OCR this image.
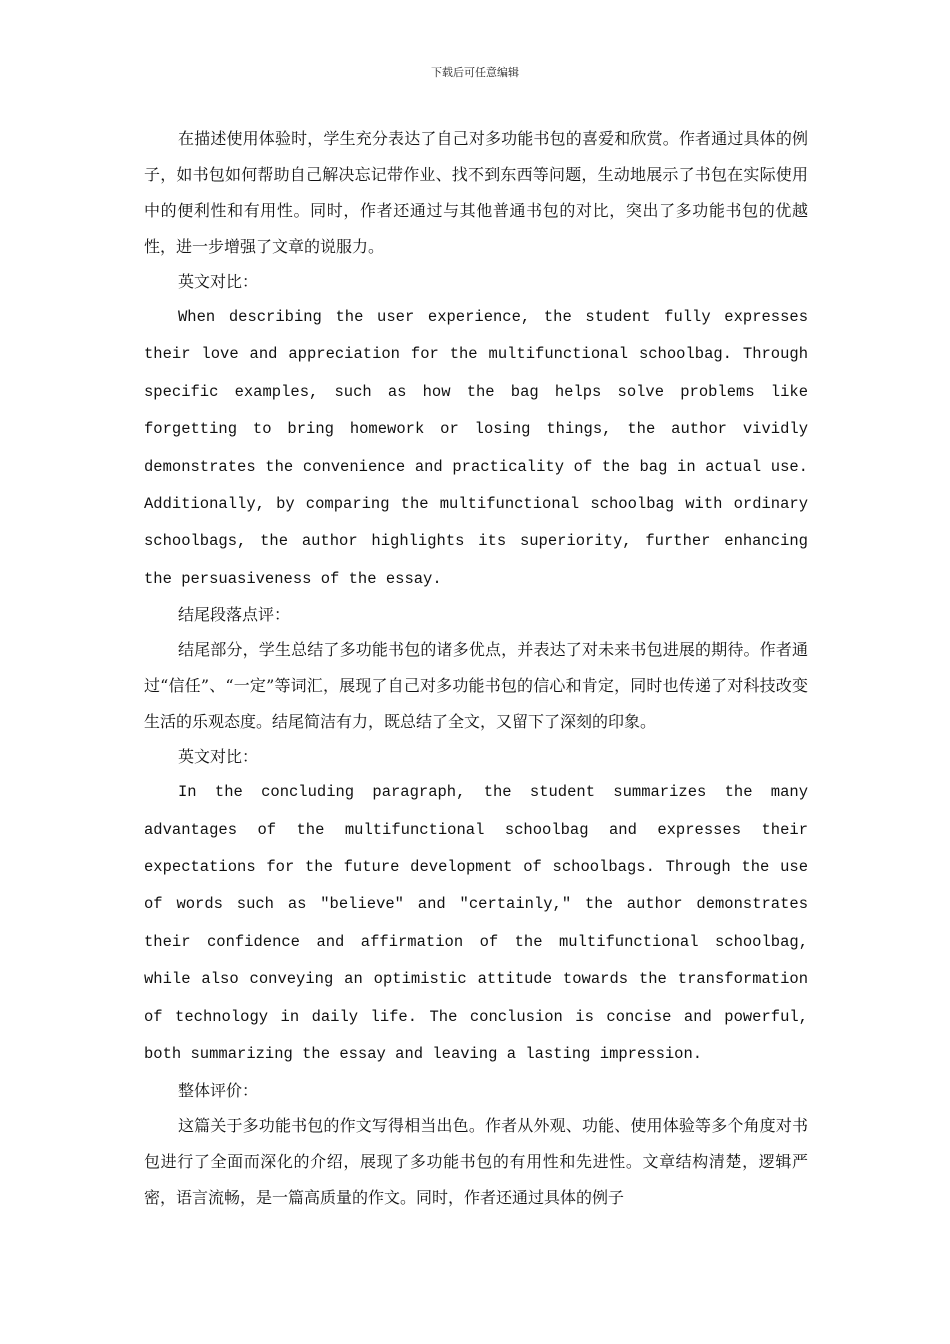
下载后可任意编辑

在描述使用体验时，学生充分表达了自己对多功能书包的喜爱和欣赏。作者通过具体的例子，如书包如何帮助自己解决忘记带作业、找不到东西等问题，生动地展示了书包在实际使用中的便利性和有用性。同时，作者还通过与其他普通书包的对比，突出了多功能书包的优越性，进一步增强了文章的说服力。

英文对比：

When describing the user experience, the student fully expresses their love and appreciation for the multifunctional schoolbag. Through specific examples, such as how the bag helps solve problems like forgetting to bring homework or losing things, the author vividly demonstrates the convenience and practicality of the bag in actual use. Additionally, by comparing the multifunctional schoolbag with ordinary schoolbags, the author highlights its superiority, further enhancing the persuasiveness of the essay.

结尾段落点评：

结尾部分，学生总结了多功能书包的诸多优点，并表达了对未来书包进展的期待。作者通过“信任”、“一定”等词汇，展现了自己对多功能书包的信心和肯定，同时也传递了对科技改变生活的乐观态度。结尾简洁有力，既总结了全文，又留下了深刻的印象。

英文对比：

In the concluding paragraph, the student summarizes the many advantages of the multifunctional schoolbag and expresses their expectations for the future development of schoolbags. Through the use of words such as "believe" and "certainly," the author demonstrates their confidence and affirmation of the multifunctional schoolbag, while also conveying an optimistic attitude towards the transformation of technology in daily life. The conclusion is concise and powerful, both summarizing the essay and leaving a lasting impression.

整体评价：

这篇关于多功能书包的作文写得相当出色。作者从外观、功能、使用体验等多个角度对书包进行了全面而深化的介绍，展现了多功能书包的有用性和先进性。文章结构清楚，逻辑严密，语言流畅，是一篇高质量的作文。同时，作者还通过具体的例子
